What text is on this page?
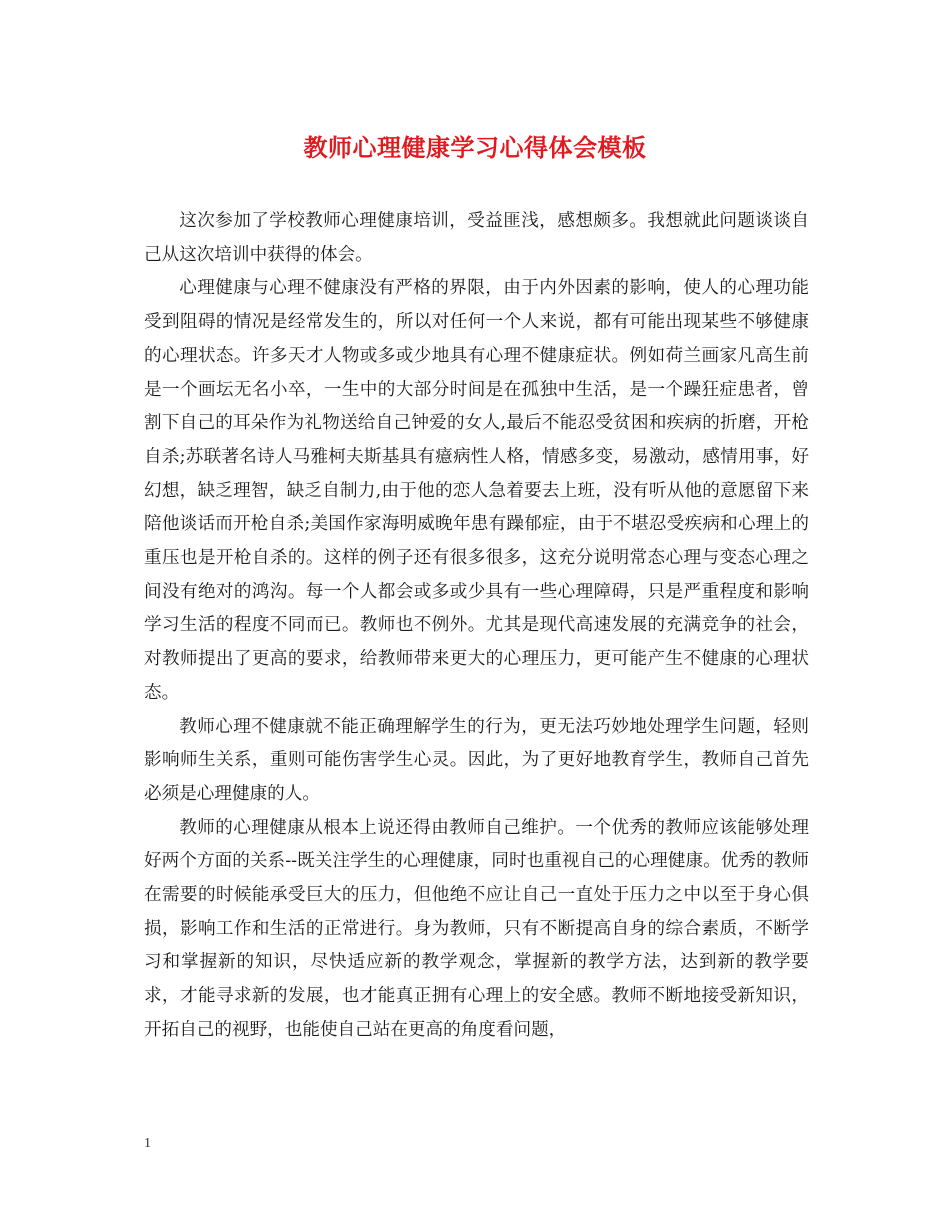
教师心理健康学习心得体会模板

这次参加了学校教师心理健康培训，受益匪浅，感想颇多。我想就此问题谈谈自己从这次培训中获得的体会。

心理健康与心理不健康没有严格的界限，由于内外因素的影响，使人的心理功能受到阻碍的情况是经常发生的，所以对任何一个人来说，都有可能出现某些不够健康的心理状态。许多天才人物或多或少地具有心理不健康症状。例如荷兰画家凡高生前是一个画坛无名小卒，一生中的大部分时间是在孤独中生活，是一个躁狂症患者，曾割下自己的耳朵作为礼物送给自己钟爱的女人,最后不能忍受贫困和疾病的折磨，开枪自杀;苏联著名诗人马雅柯夫斯基具有癔病性人格，情感多变，易激动，感情用事，好幻想，缺乏理智，缺乏自制力,由于他的恋人急着要去上班，没有听从他的意愿留下来陪他谈话而开枪自杀;美国作家海明威晚年患有躁郁症，由于不堪忍受疾病和心理上的重压也是开枪自杀的。这样的例子还有很多很多，这充分说明常态心理与变态心理之间没有绝对的鸿沟。每一个人都会或多或少具有一些心理障碍，只是严重程度和影响学习生活的程度不同而已。教师也不例外。尤其是现代高速发展的充满竞争的社会，对教师提出了更高的要求，给教师带来更大的心理压力，更可能产生不健康的心理状态。

教师心理不健康就不能正确理解学生的行为，更无法巧妙地处理学生问题，轻则影响师生关系，重则可能伤害学生心灵。因此，为了更好地教育学生，教师自己首先必须是心理健康的人。

教师的心理健康从根本上说还得由教师自己维护。一个优秀的教师应该能够处理好两个方面的关系--既关注学生的心理健康，同时也重视自己的心理健康。优秀的教师在需要的时候能承受巨大的压力，但他绝不应让自己一直处于压力之中以至于身心俱损，影响工作和生活的正常进行。身为教师，只有不断提高自身的综合素质，不断学习和掌握新的知识，尽快适应新的教学观念，掌握新的教学方法，达到新的教学要求，才能寻求新的发展，也才能真正拥有心理上的安全感。教师不断地接受新知识，开拓自己的视野，也能使自己站在更高的角度看问题，

1
